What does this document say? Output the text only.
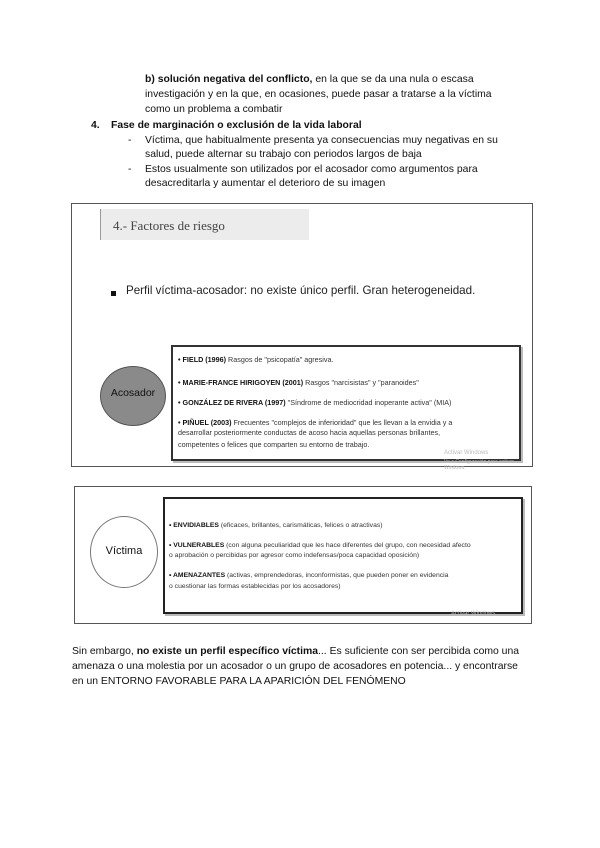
b) solución negativa del conflicto, en la que se da una nula o escasa
investigación y en la que, en ocasiones, puede pasar a tratarse a la víctima
como un problema a combatir
4. Fase de marginación o exclusión de la vida laboral
- Víctima, que habitualmente presenta ya consecuencias muy negativas en su
salud, puede alternar su trabajo con periodos largos de baja
- Estos usualmente son utilizados por el acosador como argumentos para
desacreditarla y aumentar el deterioro de su imagen
4.- Factores de riesgo
Perfil víctima-acosador: no existe único perfil. Gran heterogeneidad.
Acosador
• FIELD (1996) Rasgos de "psicopatía" agresiva.
• MARIE-FRANCE HIRIGOYEN (2001) Rasgos "narcisistas" y "paranoides"
• GONZÁLEZ DE RIVERA (1997) "Síndrome de mediocridad inoperante activa" (MIA)
• PIÑUEL (2003) Frecuentes "complejos de inferioridad" que les llevan a la envidia y a
desarrollar posteriormente conductas de acoso hacia aquellas personas brillantes,
competentes o felices que comparten su entorno de trabajo.
Activar Windows
Ve a Configuración para activar Windows.
Víctima
• ENVIDIABLES (eficaces, brillantes, carismáticas, felices o atractivas)
• VULNERABLES (con alguna peculiaridad que les hace diferentes del grupo, con necesidad afecto
o aprobación o percibidas por agresor como indefensas/poca capacidad oposición)
• AMENAZANTES (activas, emprendedoras, inconformistas, que pueden poner en evidencia
o cuestionar las formas establecidas por los acosadores)
Activar Windows
Sin embargo, no existe un perfil específico víctima... Es suficiente con ser percibida como una amenaza o una molestia por un acosador o un grupo de acosadores en potencia... y encontrarse en un ENTORNO FAVORABLE PARA LA APARICIÓN DEL FENÓMENO
